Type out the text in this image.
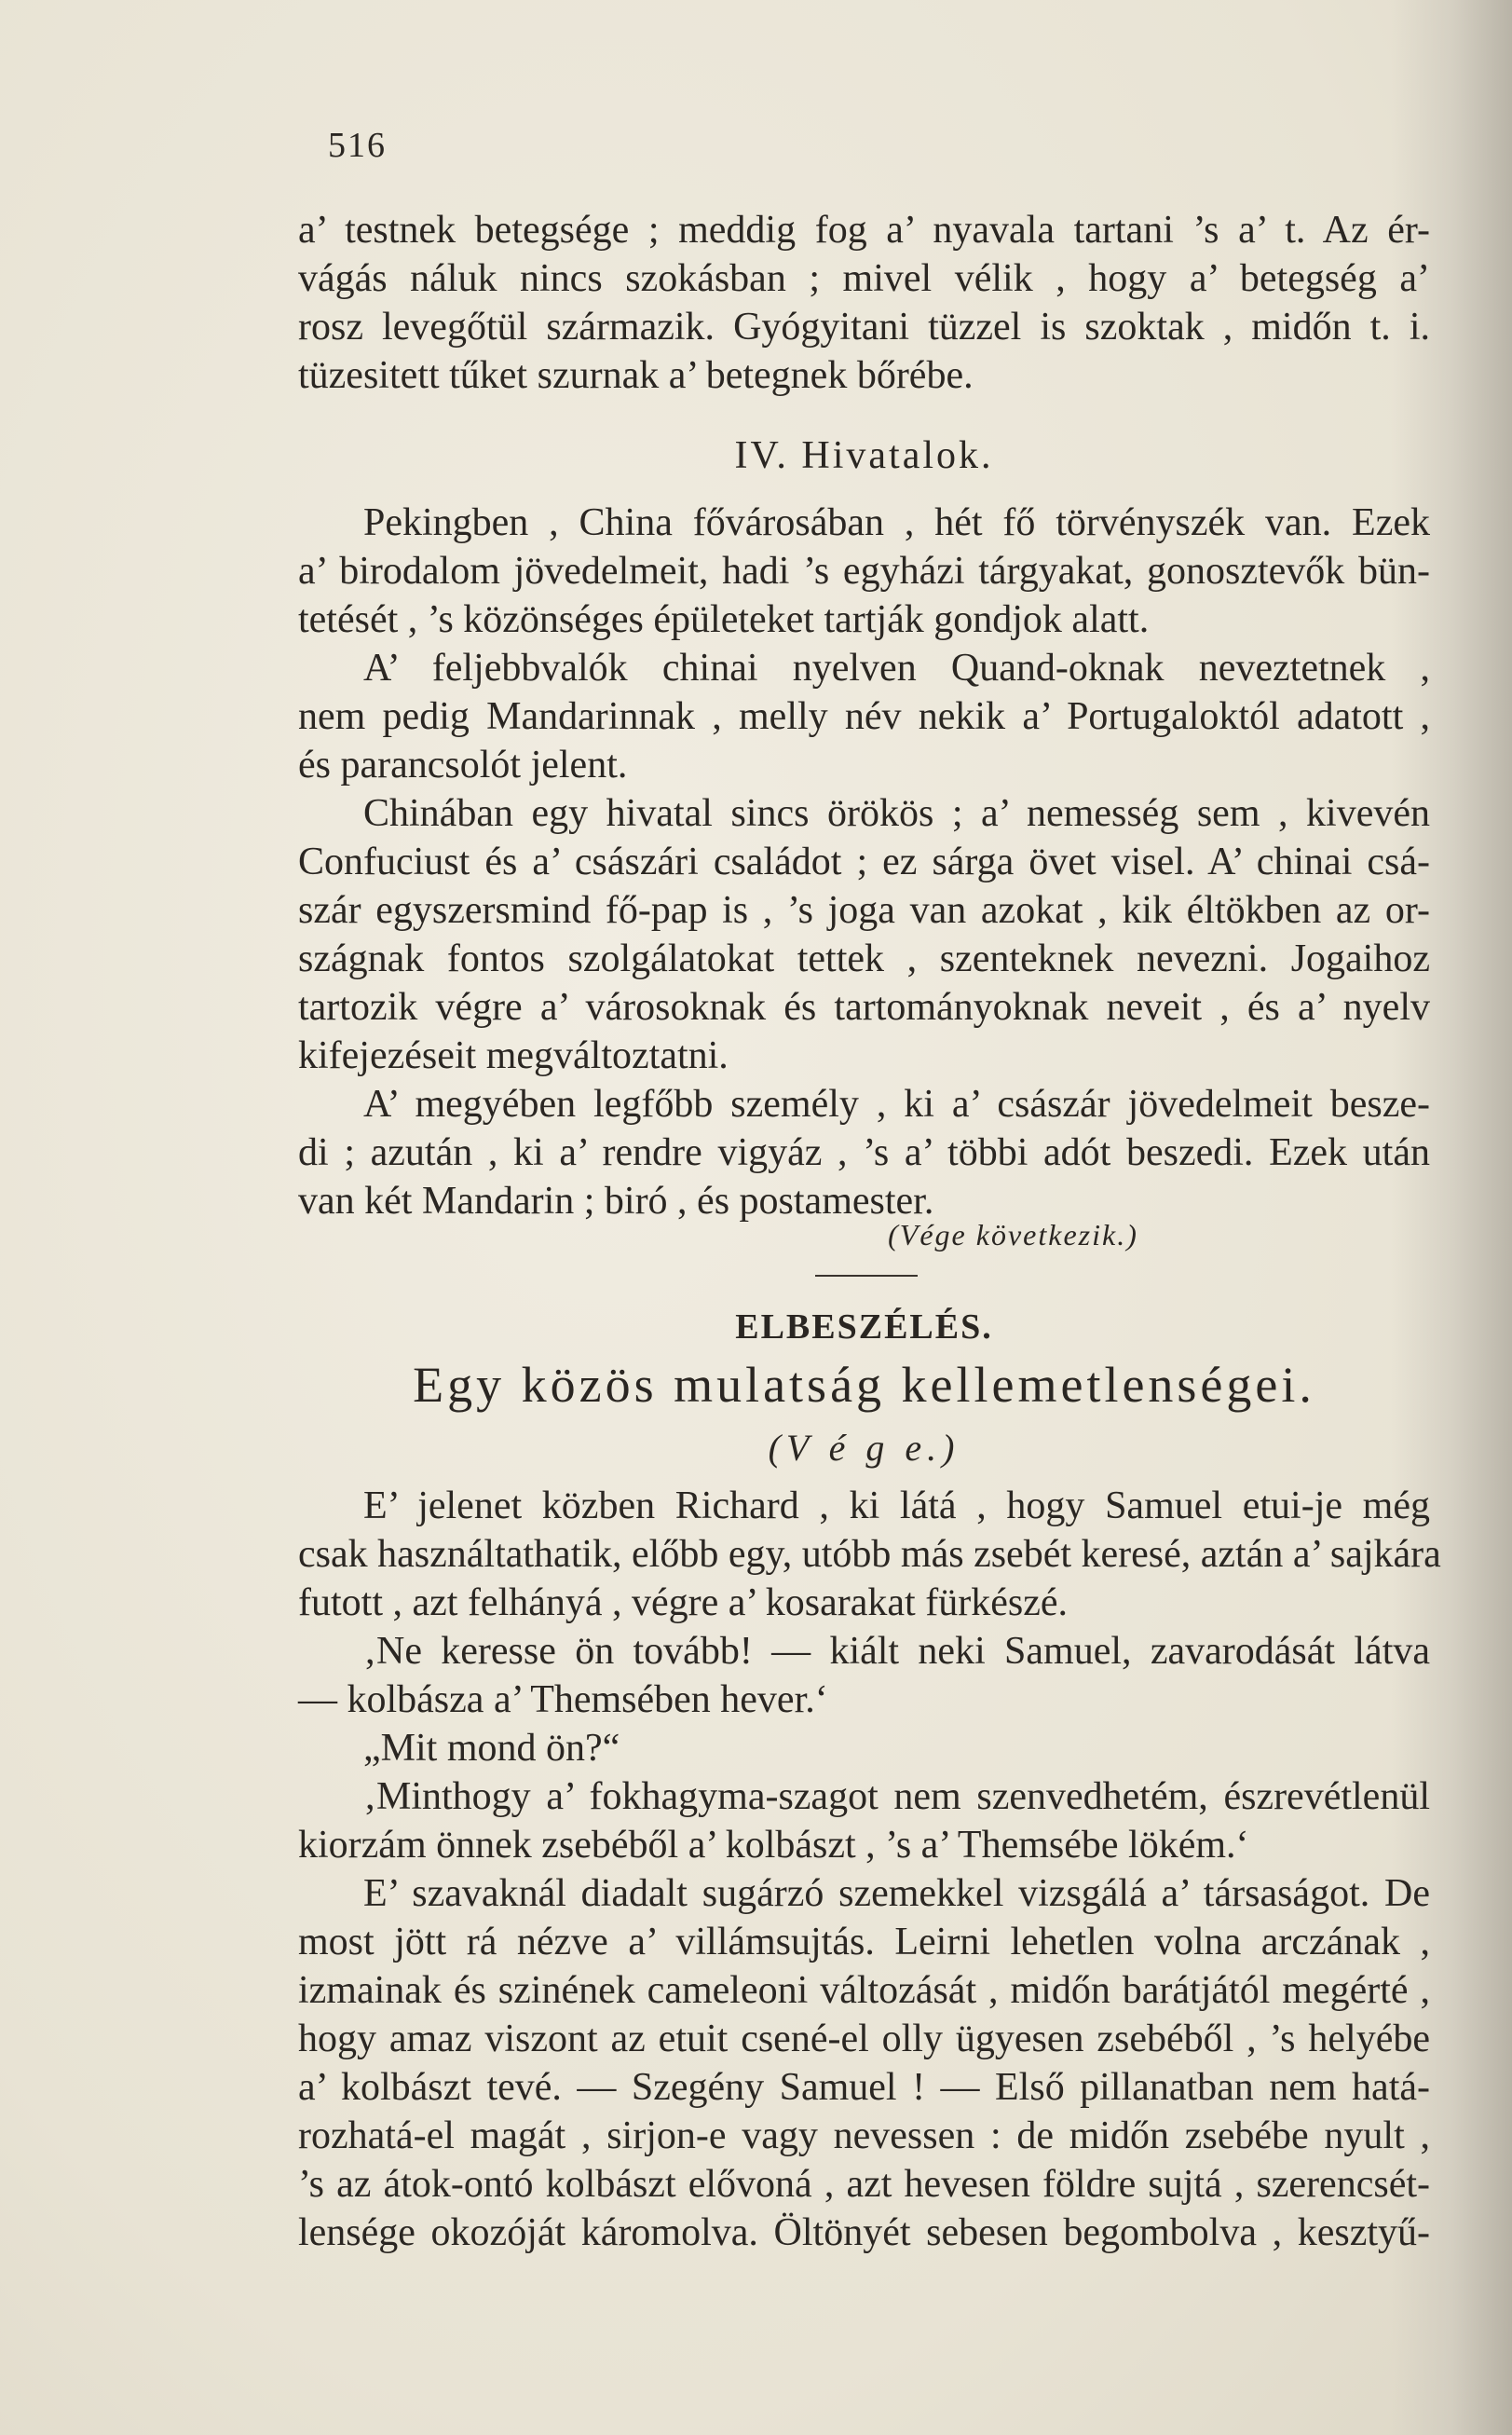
516
a’ testnek betegsége ; meddig fog a’ nyavala tartani ’s a’ t. Az ér-
vágás náluk nincs szokásban ; mivel vélik , hogy a’ betegség a’
rosz levegőtül származik. Gyógyitani tüzzel is szoktak , midőn t. i.
tüzesitett tűket szurnak a’ betegnek bőrébe.
IV. Hivatalok.
Pekingben , China fővárosában , hét fő törvényszék van. Ezek
a’ birodalom jövedelmeit, hadi ’s egyházi tárgyakat, gonosztevők bün-
tetését , ’s közönséges épületeket tartják gondjok alatt.
A’ feljebbvalók chinai nyelven Quand-oknak neveztetnek ,
nem pedig Mandarinnak , melly név nekik a’ Portugaloktól adatott ,
és parancsolót jelent.
Chinában egy hivatal sincs örökös ; a’ nemesség sem , kivevén
Confuciust és a’ császári családot ; ez sárga övet visel. A’ chinai csá-
szár egyszersmind fő-pap is , ’s joga van azokat , kik éltökben az or-
szágnak fontos szolgálatokat tettek , szenteknek nevezni. Jogaihoz
tartozik végre a’ városoknak és tartományoknak neveit , és a’ nyelv
kifejezéseit megváltoztatni.
A’ megyében legfőbb személy , ki a’ császár jövedelmeit besze-
di ; azután , ki a’ rendre vigyáz , ’s a’ többi adót beszedi. Ezek után
van két Mandarin ; biró , és postamester.
(Vége következik.)
ELBESZÉLÉS.
Egy közös mulatság kellemetlenségei.
(V é g e.)
E’ jelenet közben Richard , ki látá , hogy Samuel etui-je még
csak használtathatik, előbb egy, utóbb más zsebét keresé, aztán a’ sajkára
futott , azt felhányá , végre a’ kosarakat fürkészé.
‚Ne keresse ön tovább! — kiált neki Samuel, zavarodását látva
— kolbásza a’ Themsében hever.‘
„Mit mond ön?“
‚Minthogy a’ fokhagyma-szagot nem szenvedhetém, észrevétlenül
kiorzám önnek zsebéből a’ kolbászt , ’s a’ Themsébe lökém.‘
E’ szavaknál diadalt sugárzó szemekkel vizsgálá a’ társaságot. De
most jött rá nézve a’ villámsujtás. Leirni lehetlen volna arczának ,
izmainak és szinének cameleoni változását , midőn barátjától megérté ,
hogy amaz viszont az etuit csené-el olly ügyesen zsebéből , ’s helyébe
a’ kolbászt tevé. — Szegény Samuel ! — Első pillanatban nem hatá-
rozhatá-el magát , sirjon-e vagy nevessen : de midőn zsebébe nyult ,
’s az átok-ontó kolbászt elővoná , azt hevesen földre sujtá , szerencsét-
lensége okozóját káromolva. Öltönyét sebesen begombolva , kesztyű-
